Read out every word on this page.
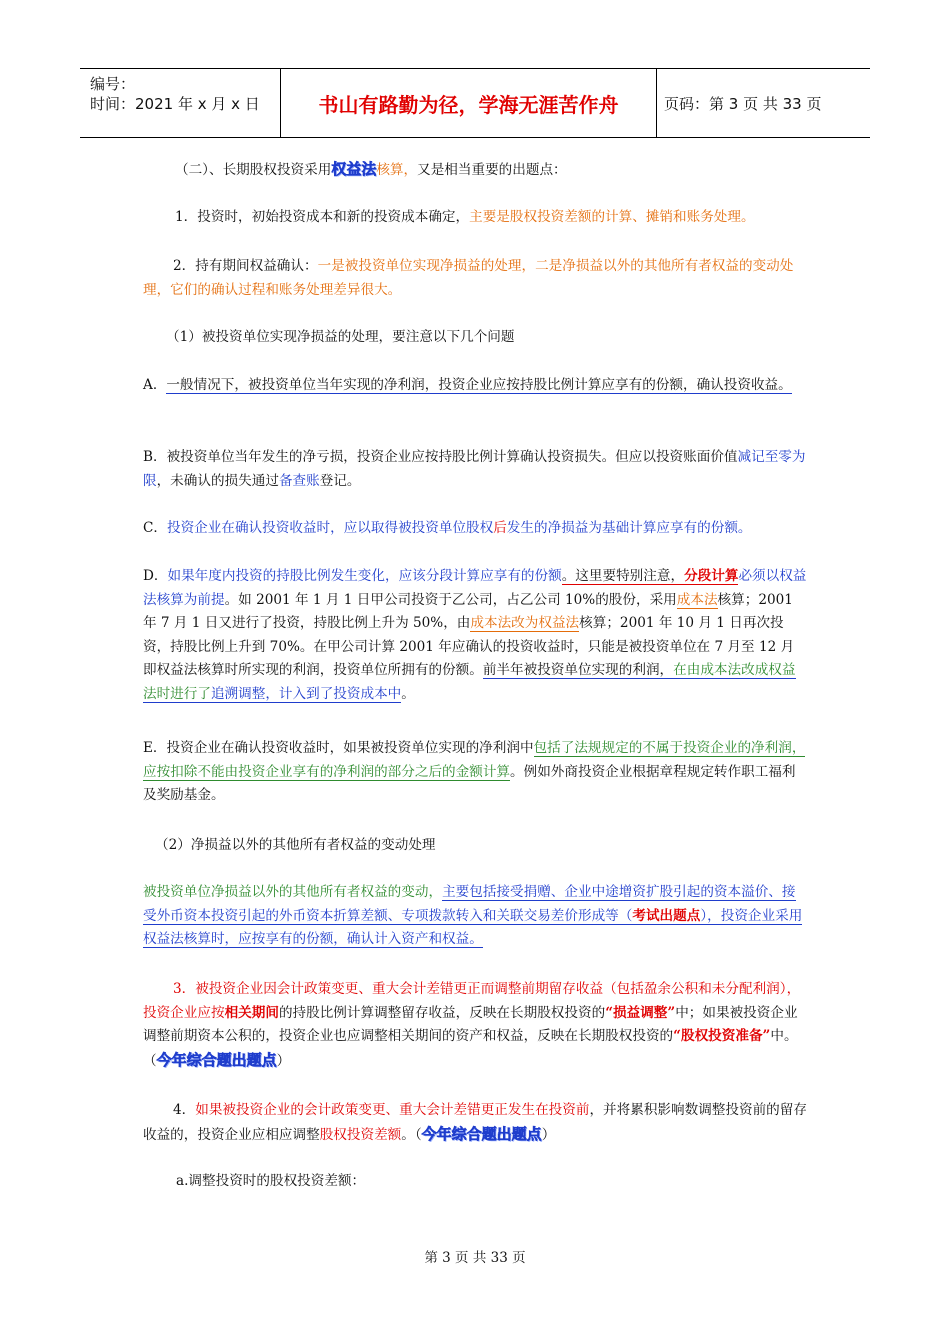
编号：
时间：2021 年 x 月 x 日	书山有路勤为径，学海无涯苦作舟	页码：第 3 页 共 33 页

（二）、长期股权投资采用权益法核算，又是相当重要的出题点：

1．投资时，初始投资成本和新的投资成本确定，主要是股权投资差额的计算、摊销和账务处理。

2．持有期间权益确认：一是被投资单位实现净损益的处理，二是净损益以外的其他所有者权益的变动处理，它们的确认过程和账务处理差异很大。

（1）被投资单位实现净损益的处理，要注意以下几个问题

A．一般情况下，被投资单位当年实现的净利润，投资企业应按持股比例计算应享有的份额，确认投资收益。

B．被投资单位当年发生的净亏损，投资企业应按持股比例计算确认投资损失。但应以投资账面价值减记至零为限，未确认的损失通过备查账登记。

C．投资企业在确认投资收益时，应以取得被投资单位股权后发生的净损益为基础计算应享有的份额。

D．如果年度内投资的持股比例发生变化，应该分段计算应享有的份额。这里要特别注意，分段计算必须以权益法核算为前提。如 2001 年 1 月 1 日甲公司投资于乙公司，占乙公司 10%的股份，采用成本法核算；2001 年 7 月 1 日又进行了投资，持股比例上升为 50%，由成本法改为权益法核算；2001 年 10 月 1 日再次投资，持股比例上升到 70%。在甲公司计算 2001 年应确认的投资收益时，只能是被投资单位在 7 月至 12 月即权益法核算时所实现的利润，投资单位所拥有的份额。前半年被投资单位实现的利润，在由成本法改成权益法时进行了追溯调整，计入到了投资成本中。

E．投资企业在确认投资收益时，如果被投资单位实现的净利润中包括了法规规定的不属于投资企业的净利润，应按扣除不能由投资企业享有的净利润的部分之后的金额计算。例如外商投资企业根据章程规定转作职工福利及奖励基金。

（2）净损益以外的其他所有者权益的变动处理

被投资单位净损益以外的其他所有者权益的变动，主要包括接受捐赠、企业中途增资扩股引起的资本溢价、接受外币资本投资引起的外币资本折算差额、专项拨款转入和关联交易差价形成等（考试出题点），投资企业采用权益法核算时，应按享有的份额，确认计入资产和权益。

3．被投资企业因会计政策变更、重大会计差错更正而调整前期留存收益（包括盈余公积和未分配利润），投资企业应按相关期间的持股比例计算调整留存收益，反映在长期股权投资的“损益调整”中；如果被投资企业调整前期资本公积的，投资企业也应调整相关期间的资产和权益，反映在长期股权投资的“股权投资准备”中。（今年综合题出题点）

4．如果被投资企业的会计政策变更、重大会计差错更正发生在投资前，并将累积影响数调整投资前的留存收益的，投资企业应相应调整股权投资差额。（今年综合题出题点）

a.调整投资时的股权投资差额：

第 3 页 共 33 页
